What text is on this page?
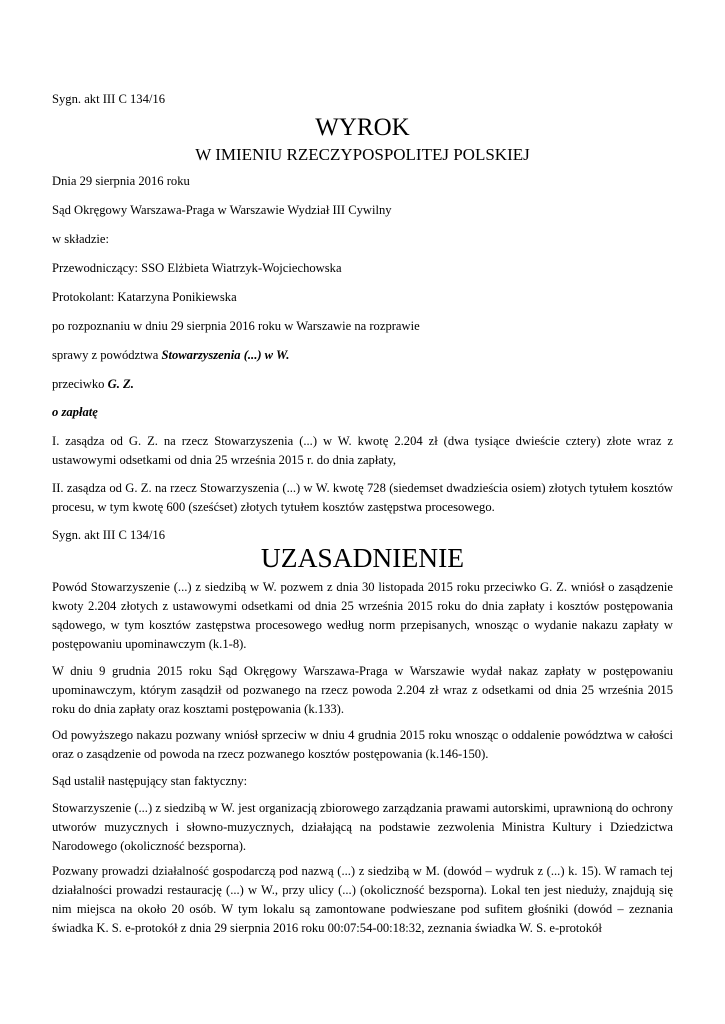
Sygn. akt III C 134/16
WYROK
W IMIENIU RZECZYPOSPOLITEJ POLSKIEJ
Dnia 29 sierpnia 2016 roku
Sąd Okręgowy Warszawa-Praga w Warszawie Wydział III Cywilny
w składzie:
Przewodniczący: SSO Elżbieta Wiatrzyk-Wojciechowska
Protokolant: Katarzyna Ponikiewska
po rozpoznaniu w dniu 29 sierpnia 2016 roku w Warszawie na rozprawie
sprawy z powództwa Stowarzyszenia (...) w W.
przeciwko G. Z.
o zapłatę
I. zasądza od G. Z. na rzecz Stowarzyszenia (...) w W. kwotę 2.204 zł (dwa tysiące dwieście cztery) złote wraz z ustawowymi odsetkami od dnia 25 września 2015 r. do dnia zapłaty,
II. zasądza od G. Z. na rzecz Stowarzyszenia (...) w W. kwotę 728 (siedemset dwadzieścia osiem) złotych tytułem kosztów procesu, w tym kwotę 600 (sześćset) złotych tytułem kosztów zastępstwa procesowego.
Sygn. akt III C 134/16
UZASADNIENIE
Powód Stowarzyszenie (...) z siedzibą w W. pozwem z dnia 30 listopada 2015 roku przeciwko G. Z. wniósł o zasądzenie kwoty 2.204 złotych z ustawowymi odsetkami od dnia 25 września 2015 roku do dnia zapłaty i kosztów postępowania sądowego, w tym kosztów zastępstwa procesowego według norm przepisanych, wnosząc o wydanie nakazu zapłaty w postępowaniu upominawczym (k.1-8).
W dniu 9 grudnia 2015 roku Sąd Okręgowy Warszawa-Praga w Warszawie wydał nakaz zapłaty w postępowaniu upominawczym, którym zasądził od pozwanego na rzecz powoda 2.204 zł wraz z odsetkami od dnia 25 września 2015 roku do dnia zapłaty oraz kosztami postępowania (k.133).
Od powyższego nakazu pozwany wniósł sprzeciw w dniu 4 grudnia 2015 roku wnosząc o oddalenie powództwa w całości oraz o zasądzenie od powoda na rzecz pozwanego kosztów postępowania (k.146-150).
Sąd ustalił następujący stan faktyczny:
Stowarzyszenie (...) z siedzibą w W. jest organizacją zbiorowego zarządzania prawami autorskimi, uprawnioną do ochrony utworów muzycznych i słowno-muzycznych, działającą na podstawie zezwolenia Ministra Kultury i Dziedzictwa Narodowego (okoliczność bezsporna).
Pozwany prowadzi działalność gospodarczą pod nazwą (...) z siedzibą w M. (dowód – wydruk z (...) k. 15). W ramach tej działalności prowadzi restaurację (...) w W., przy ulicy (...) (okoliczność bezsporna). Lokal ten jest nieduży, znajdują się nim miejsca na około 20 osób. W tym lokalu są zamontowane podwieszane pod sufitem głośniki (dowód – zeznania świadka K. S. e-protokół z dnia 29 sierpnia 2016 roku 00:07:54-00:18:32, zeznania świadka W. S. e-protokół
